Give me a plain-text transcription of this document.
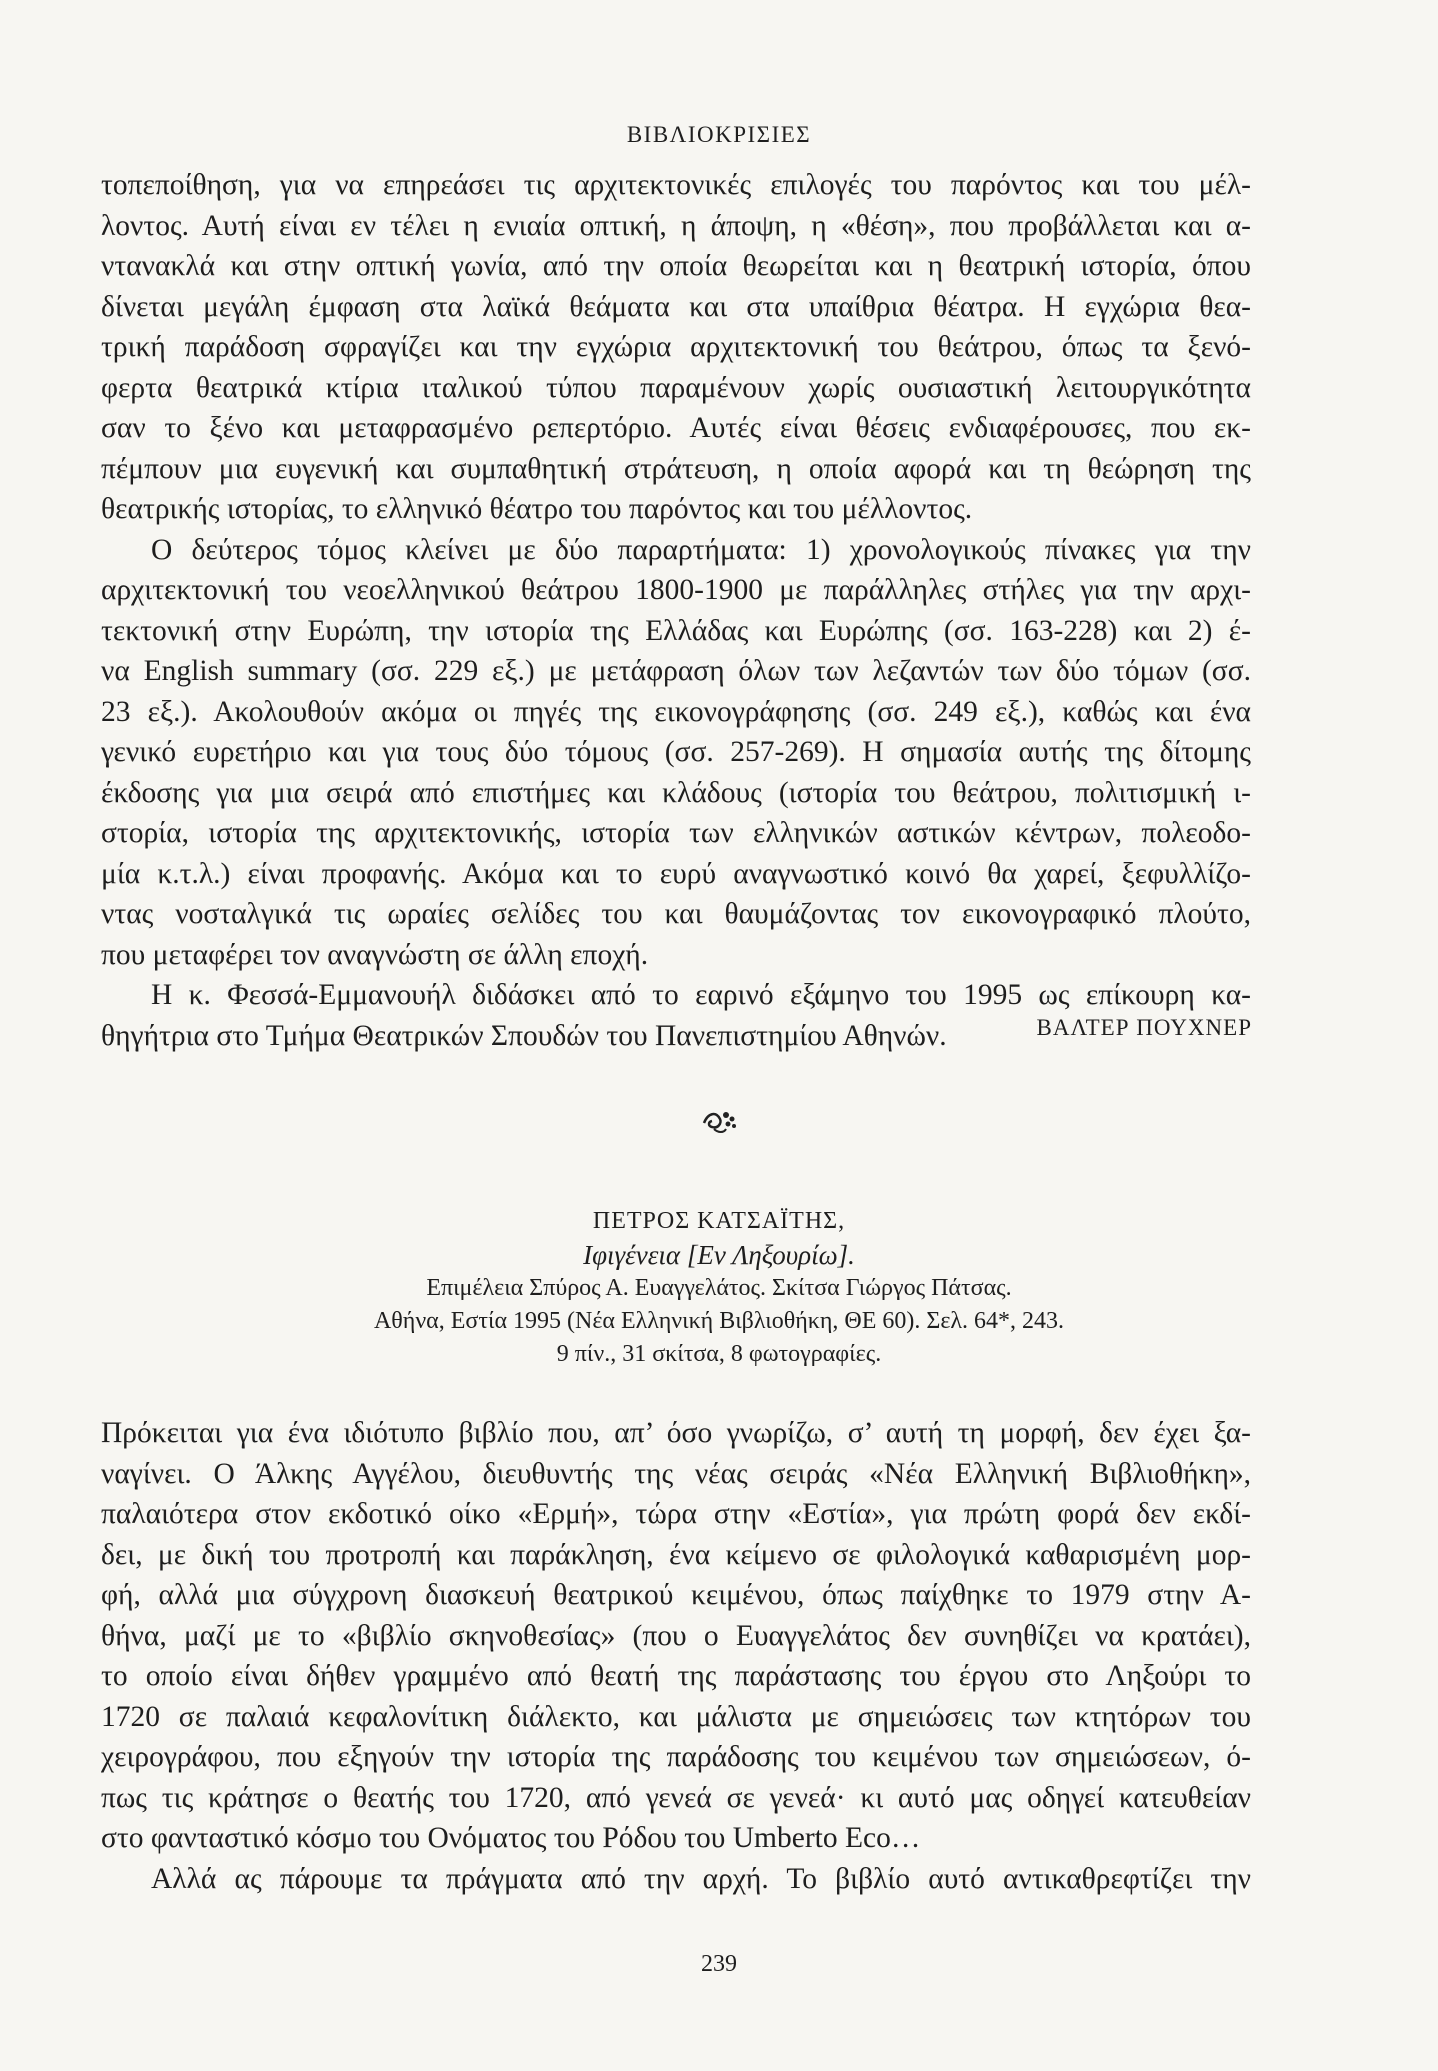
ΒΙΒΛΙΟΚΡΙΣΙΕΣ
τοπεποίθηση, για να επηρεάσει τις αρχιτεκτονικές επιλογές του παρόντος και του μέλ-
λοντος. Αυτή είναι εν τέλει η ενιαία οπτική, η άποψη, η «θέση», που προβάλλεται και α-
ντανακλά και στην οπτική γωνία, από την οποία θεωρείται και η θεατρική ιστορία, όπου
δίνεται μεγάλη έμφαση στα λαϊκά θεάματα και στα υπαίθρια θέατρα. Η εγχώρια θεα-
τρική παράδοση σφραγίζει και την εγχώρια αρχιτεκτονική του θεάτρου, όπως τα ξενό-
φερτα θεατρικά κτίρια ιταλικού τύπου παραμένουν χωρίς ουσιαστική λειτουργικότητα
σαν το ξένο και μεταφρασμένο ρεπερτόριο. Αυτές είναι θέσεις ενδιαφέρουσες, που εκ-
πέμπουν μια ευγενική και συμπαθητική στράτευση, η οποία αφορά και τη θεώρηση της
θεατρικής ιστορίας, το ελληνικό θέατρο του παρόντος και του μέλλοντος.
Ο δεύτερος τόμος κλείνει με δύο παραρτήματα: 1) χρονολογικούς πίνακες για την
αρχιτεκτονική του νεοελληνικού θεάτρου 1800-1900 με παράλληλες στήλες για την αρχι-
τεκτονική στην Ευρώπη, την ιστορία της Ελλάδας και Ευρώπης (σσ. 163-228) και 2) έ-
να English summary (σσ. 229 εξ.) με μετάφραση όλων των λεζαντών των δύο τόμων (σσ.
23 εξ.). Ακολουθούν ακόμα οι πηγές της εικονογράφησης (σσ. 249 εξ.), καθώς και ένα
γενικό ευρετήριο και για τους δύο τόμους (σσ. 257-269). Η σημασία αυτής της δίτομης
έκδοσης για μια σειρά από επιστήμες και κλάδους (ιστορία του θεάτρου, πολιτισμική ι-
στορία, ιστορία της αρχιτεκτονικής, ιστορία των ελληνικών αστικών κέντρων, πολεοδο-
μία κ.τ.λ.) είναι προφανής. Ακόμα και το ευρύ αναγνωστικό κοινό θα χαρεί, ξεφυλλίζο-
ντας νοσταλγικά τις ωραίες σελίδες του και θαυμάζοντας τον εικονογραφικό πλούτο,
που μεταφέρει τον αναγνώστη σε άλλη εποχή.
Η κ. Φεσσά-Εμμανουήλ διδάσκει από το εαρινό εξάμηνο του 1995 ως επίκουρη κα-
θηγήτρια στο Τμήμα Θεατρικών Σπουδών του Πανεπιστημίου Αθηνών.	ΒΑΛΤΕΡ ΠΟΥΧΝΕΡ
ΠΕΤΡΟΣ ΚΑΤΣΑΪΤΗΣ,
Ιφιγένεια [Εν Ληξουρίω].
Επιμέλεια Σπύρος Α. Ευαγγελάτος. Σκίτσα Γιώργος Πάτσας.
Αθήνα, Εστία 1995 (Νέα Ελληνική Βιβλιοθήκη, ΘΕ 60). Σελ. 64*, 243.
9 πίν., 31 σκίτσα, 8 φωτογραφίες.
Πρόκειται για ένα ιδιότυπο βιβλίο που, απ’ όσο γνωρίζω, σ’ αυτή τη μορφή, δεν έχει ξα-
ναγίνει. Ο Άλκης Αγγέλου, διευθυντής της νέας σειράς «Νέα Ελληνική Βιβλιοθήκη»,
παλαιότερα στον εκδοτικό οίκο «Ερμή», τώρα στην «Εστία», για πρώτη φορά δεν εκδί-
δει, με δική του προτροπή και παράκληση, ένα κείμενο σε φιλολογικά καθαρισμένη μορ-
φή, αλλά μια σύγχρονη διασκευή θεατρικού κειμένου, όπως παίχθηκε το 1979 στην Α-
θήνα, μαζί με το «βιβλίο σκηνοθεσίας» (που ο Ευαγγελάτος δεν συνηθίζει να κρατάει),
το οποίο είναι δήθεν γραμμένο από θεατή της παράστασης του έργου στο Ληξούρι το
1720 σε παλαιά κεφαλονίτικη διάλεκτο, και μάλιστα με σημειώσεις των κτητόρων του
χειρογράφου, που εξηγούν την ιστορία της παράδοσης του κειμένου των σημειώσεων, ό-
πως τις κράτησε ο θεατής του 1720, από γενεά σε γενεά· κι αυτό μας οδηγεί κατευθείαν
στο φανταστικό κόσμο του Ονόματος του Ρόδου του Umberto Eco…
Αλλά ας πάρουμε τα πράγματα από την αρχή. Το βιβλίο αυτό αντικαθρεφτίζει την
239
